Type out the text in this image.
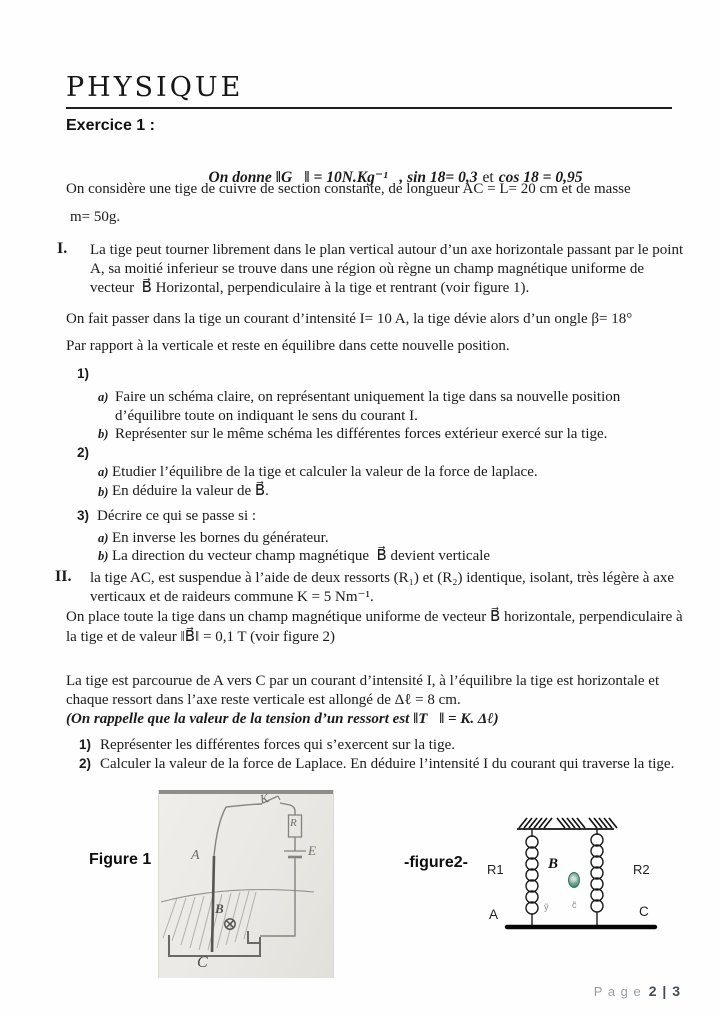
PHYSIQUE
Exercice 1 :

On donne ‖G⃗‖ = 10N.Kg⁻¹   , sin 18= 0,3 et cos 18 = 0,95

On considère une tige de cuivre de section constante, de longueur AC = L= 20 cm et de masse
m= 50g.
I. La tige peut tourner librement dans le plan vertical autour d’un axe horizontale passant par le point
A, sa moitié inferieur se trouve dans une région où règne un champ magnétique uniforme de
vecteur  B⃗ Horizontal, perpendiculaire à la tige et rentrant (voir figure 1).
On fait passer dans la tige un courant d’intensité I= 10 A, la tige dévie alors d’un ongle β= 18°
Par rapport à la verticale et reste en équilibre dans cette nouvelle position.
1)
a) Faire un schéma claire, on représentant uniquement la tige dans sa nouvelle position
d’équilibre toute on indiquant le sens du courant I.
b) Représenter sur le même schéma les différentes forces extérieur exercé sur la tige.
2)
a) Etudier l’équilibre de la tige et calculer la valeur de la force de laplace.
b) En déduire la valeur de B⃗.
3) Décrire ce qui se passe si :
a) En inverse les bornes du générateur.
b) La direction du vecteur champ magnétique  B⃗ devient verticale
II. la tige AC, est suspendue à l’aide de deux ressorts (R₁) et (R₂) identique, isolant, très légère à axe
verticaux et de raideurs commune K = 5 Nm⁻¹.
On place toute la tige dans un champ magnétique uniforme de vecteur B⃗ horizontale, perpendiculaire à
la tige et de valeur ‖B⃗‖ = 0,1 T (voir figure 2)
La tige est parcourue de A vers C par un courant d’intensité I, à l’équilibre la tige est horizontale et
chaque ressort dans l’axe reste verticale est allongé de Δℓ = 8 cm.
(On rappelle que la valeur de la tension d’un ressort est ‖T⃗‖ = K. Δℓ)
1) Représenter les différentes forces qui s’exercent sur la tige.
2) Calculer la valeur de la force de Laplace. En déduire l’intensité I du courant qui traverse la tige.
Figure 1
K
R
E
A
B⃗
⊗
C
-figure2- R1	R2
A	C
B⃗
ỹ	c̃

P a g e 2 | 3
